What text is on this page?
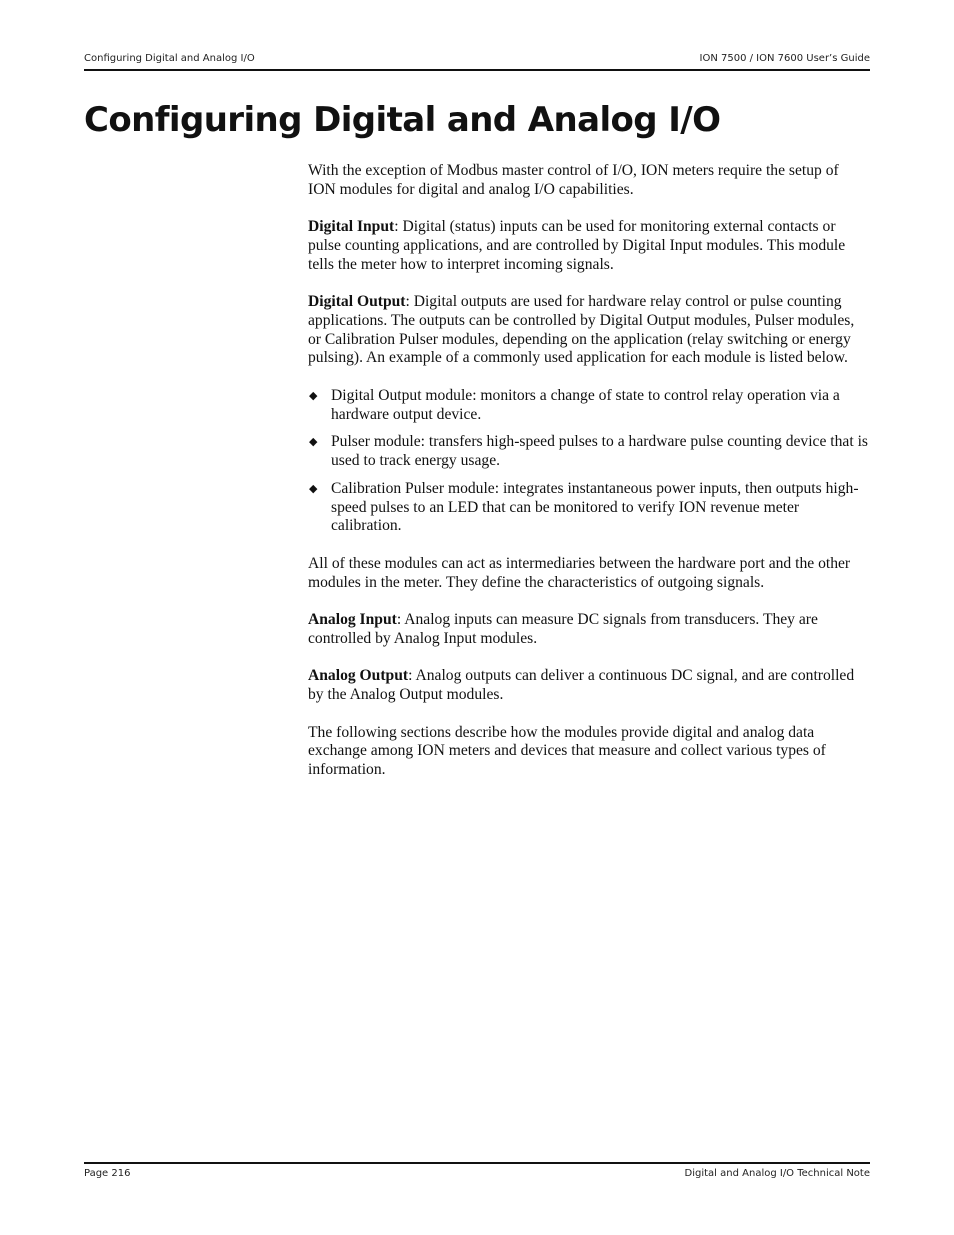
Configuring Digital and Analog I/O	ION 7500 / ION 7600 User’s Guide
Configuring Digital and Analog I/O

With the exception of Modbus master control of I/O, ION meters require the setup of ION modules for digital and analog I/O capabilities.

Digital Input: Digital (status) inputs can be used for monitoring external contacts or pulse counting applications, and are controlled by Digital Input modules. This module tells the meter how to interpret incoming signals.

Digital Output: Digital outputs are used for hardware relay control or pulse counting applications. The outputs can be controlled by Digital Output modules, Pulser modules, or Calibration Pulser modules, depending on the application (relay switching or energy pulsing). An example of a commonly used application for each module is listed below.

◆ Digital Output module: monitors a change of state to control relay operation via a hardware output device.
◆ Pulser module: transfers high-speed pulses to a hardware pulse counting device that is used to track energy usage.
◆ Calibration Pulser module: integrates instantaneous power inputs, then outputs high-speed pulses to an LED that can be monitored to verify ION revenue meter calibration.

All of these modules can act as intermediaries between the hardware port and the other modules in the meter. They define the characteristics of outgoing signals.

Analog Input: Analog inputs can measure DC signals from transducers. They are controlled by Analog Input modules.

Analog Output: Analog outputs can deliver a continuous DC signal, and are controlled by the Analog Output modules.

The following sections describe how the modules provide digital and analog data exchange among ION meters and devices that measure and collect various types of information.

Page 216	Digital and Analog I/O Technical Note
